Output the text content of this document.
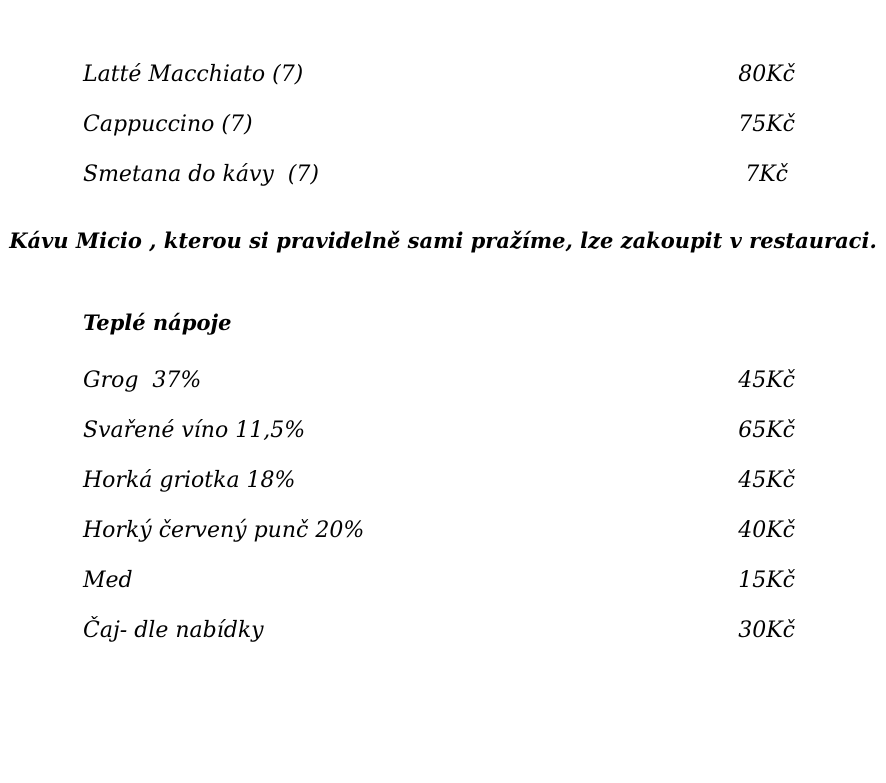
Latté Macchiato (7)	80Kč
Cappuccino (7)	75Kč
Smetana do kávy  (7)	7Kč
Kávu Micio , kterou si pravidelně sami pražíme, lze zakoupit v restauraci.
Teplé nápoje
Grog  37%	45Kč
Svařené víno 11,5%	65Kč
Horká griotka 18%	45Kč
Horký červený punč 20%	40Kč
Med	15Kč
Čaj- dle nabídky	30Kč
